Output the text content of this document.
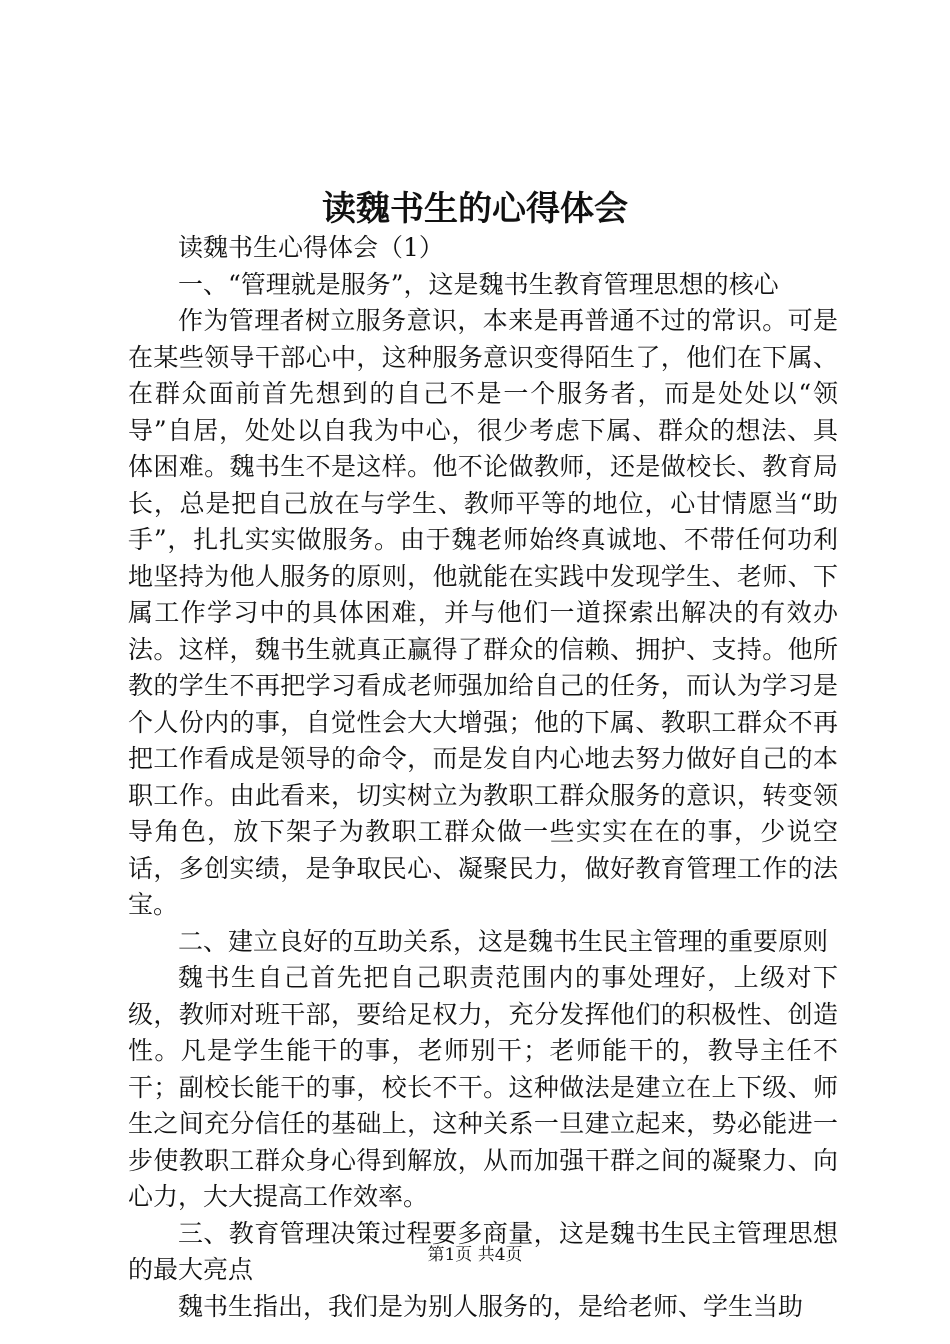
读魏书生的心得体会

读魏书生心得体会（1）

一、“管理就是服务”，这是魏书生教育管理思想的核心

作为管理者树立服务意识，本来是再普通不过的常识。可是在某些领导干部心中，这种服务意识变得陌生了，他们在下属、在群众面前首先想到的自己不是一个服务者，而是处处以“领导”自居，处处以自我为中心，很少考虑下属、群众的想法、具体困难。魏书生不是这样。他不论做教师，还是做校长、教育局长，总是把自己放在与学生、教师平等的地位，心甘情愿当“助手”，扎扎实实做服务。由于魏老师始终真诚地、不带任何功利地坚持为他人服务的原则，他就能在实践中发现学生、老师、下属工作学习中的具体困难，并与他们一道探索出解决的有效办法。这样，魏书生就真正赢得了群众的信赖、拥护、支持。他所教的学生不再把学习看成老师强加给自己的任务，而认为学习是个人份内的事，自觉性会大大增强；他的下属、教职工群众不再把工作看成是领导的命令，而是发自内心地去努力做好自己的本职工作。由此看来，切实树立为教职工群众服务的意识，转变领导角色，放下架子为教职工群众做一些实实在在的事，少说空话，多创实绩，是争取民心、凝聚民力，做好教育管理工作的法宝。

二、建立良好的互助关系，这是魏书生民主管理的重要原则

魏书生自己首先把自己职责范围内的事处理好，上级对下级，教师对班干部，要给足权力，充分发挥他们的积极性、创造性。凡是学生能干的事，老师别干；老师能干的，教导主任不干；副校长能干的事，校长不干。这种做法是建立在上下级、师生之间充分信任的基础上，这种关系一旦建立起来，势必能进一步使教职工群众身心得到解放，从而加强干群之间的凝聚力、向心力，大大提高工作效率。

三、教育管理决策过程要多商量，这是魏书生民主管理思想的最大亮点

魏书生指出，我们是为别人服务的，是给老师、学生当助

第1页 共4页
